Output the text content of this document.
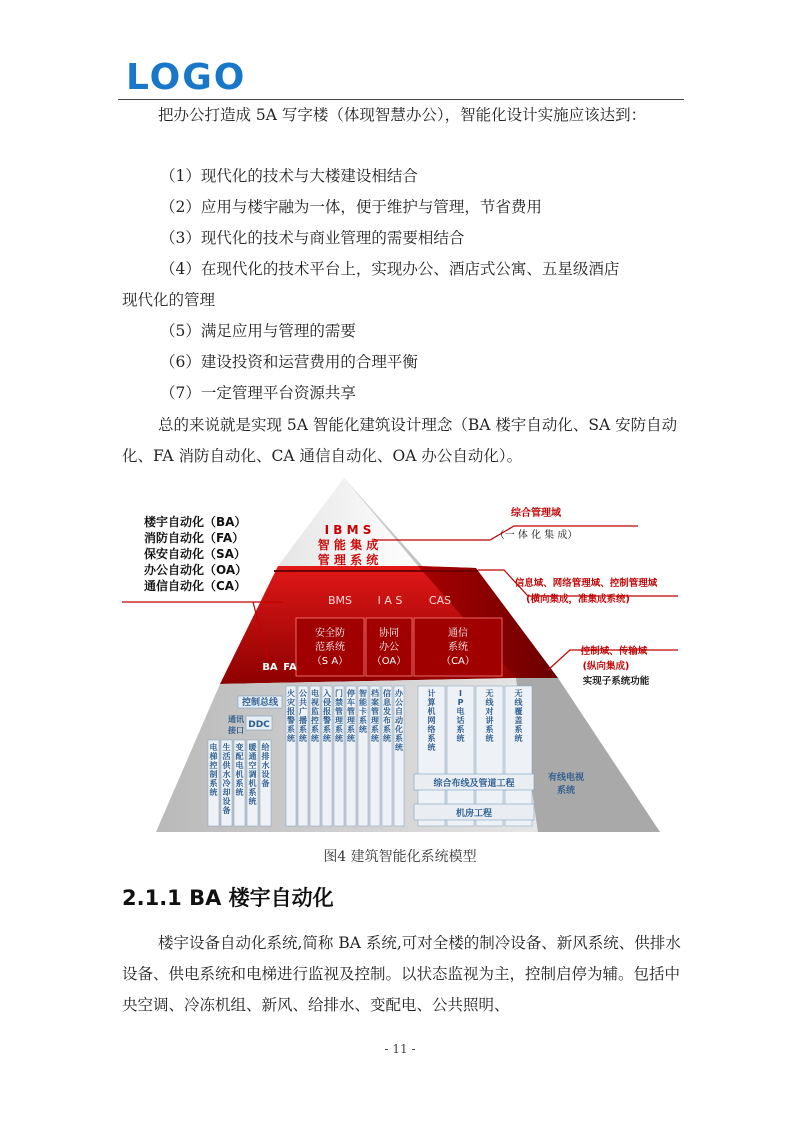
LOGO

把办公打造成 5A 写字楼（体现智慧办公），智能化设计实施应该达到：

（1）现代化的技术与大楼建设相结合
（2）应用与楼宇融为一体，便于维护与管理，节省费用
（3）现代化的技术与商业管理的需要相结合
（4）在现代化的技术平台上，实现办公、酒店式公寓、五星级酒店
现代化的管理
（5）满足应用与管理的需要
（6）建设投资和运营费用的合理平衡
（7）一定管理平台资源共享

总的来说就是实现 5A 智能化建筑设计理念（BA 楼宇自动化、SA 安防自动化、FA 消防自动化、CA 通信自动化、OA 办公自动化）。

I B M S
智 能 集 成
管 理 系 统
BMS I A S CAS
安全防
范系统
（S A）
协同
办公
（OA）
通信
系统
（CA）
BA FA
楼宇自动化（BA）
消防自动化（FA）
保安自动化（SA）
办公自动化（OA）
通信自动化（CA）
综合管理域
（一 体 化 集 成）
信息域、网络管理域、控制管理域
(横向集成，准集成系统)
控制域、传输域
(纵向集成)
实现子系统功能
电梯控制系统
生活供水冷却设备
变配电机系统
暖通空调机系统
给排水设备
火灾报警系统
公共广播系统
电视监控系统
入侵报警系统
门禁管理系统
停车管理系统
智能卡系统
档案管理系统
信息发布系统
办公自动化系统
计算机网络系统
I P 电话系统
无线对讲系统
无线覆盖系统
控制总线
DDC
通讯
接口
综合布线及管道工程
机房工程
有线电视
系统
图4 建筑智能化系统模型
2.1.1 BA 楼宇自动化

楼宇设备自动化系统,简称 BA 系统,可对全楼的制冷设备、新风系统、供排水设备、供电系统和电梯进行监视及控制。以状态监视为主，控制启停为辅。包括中央空调、冷冻机组、新风、给排水、变配电、公共照明、

- 11 -
